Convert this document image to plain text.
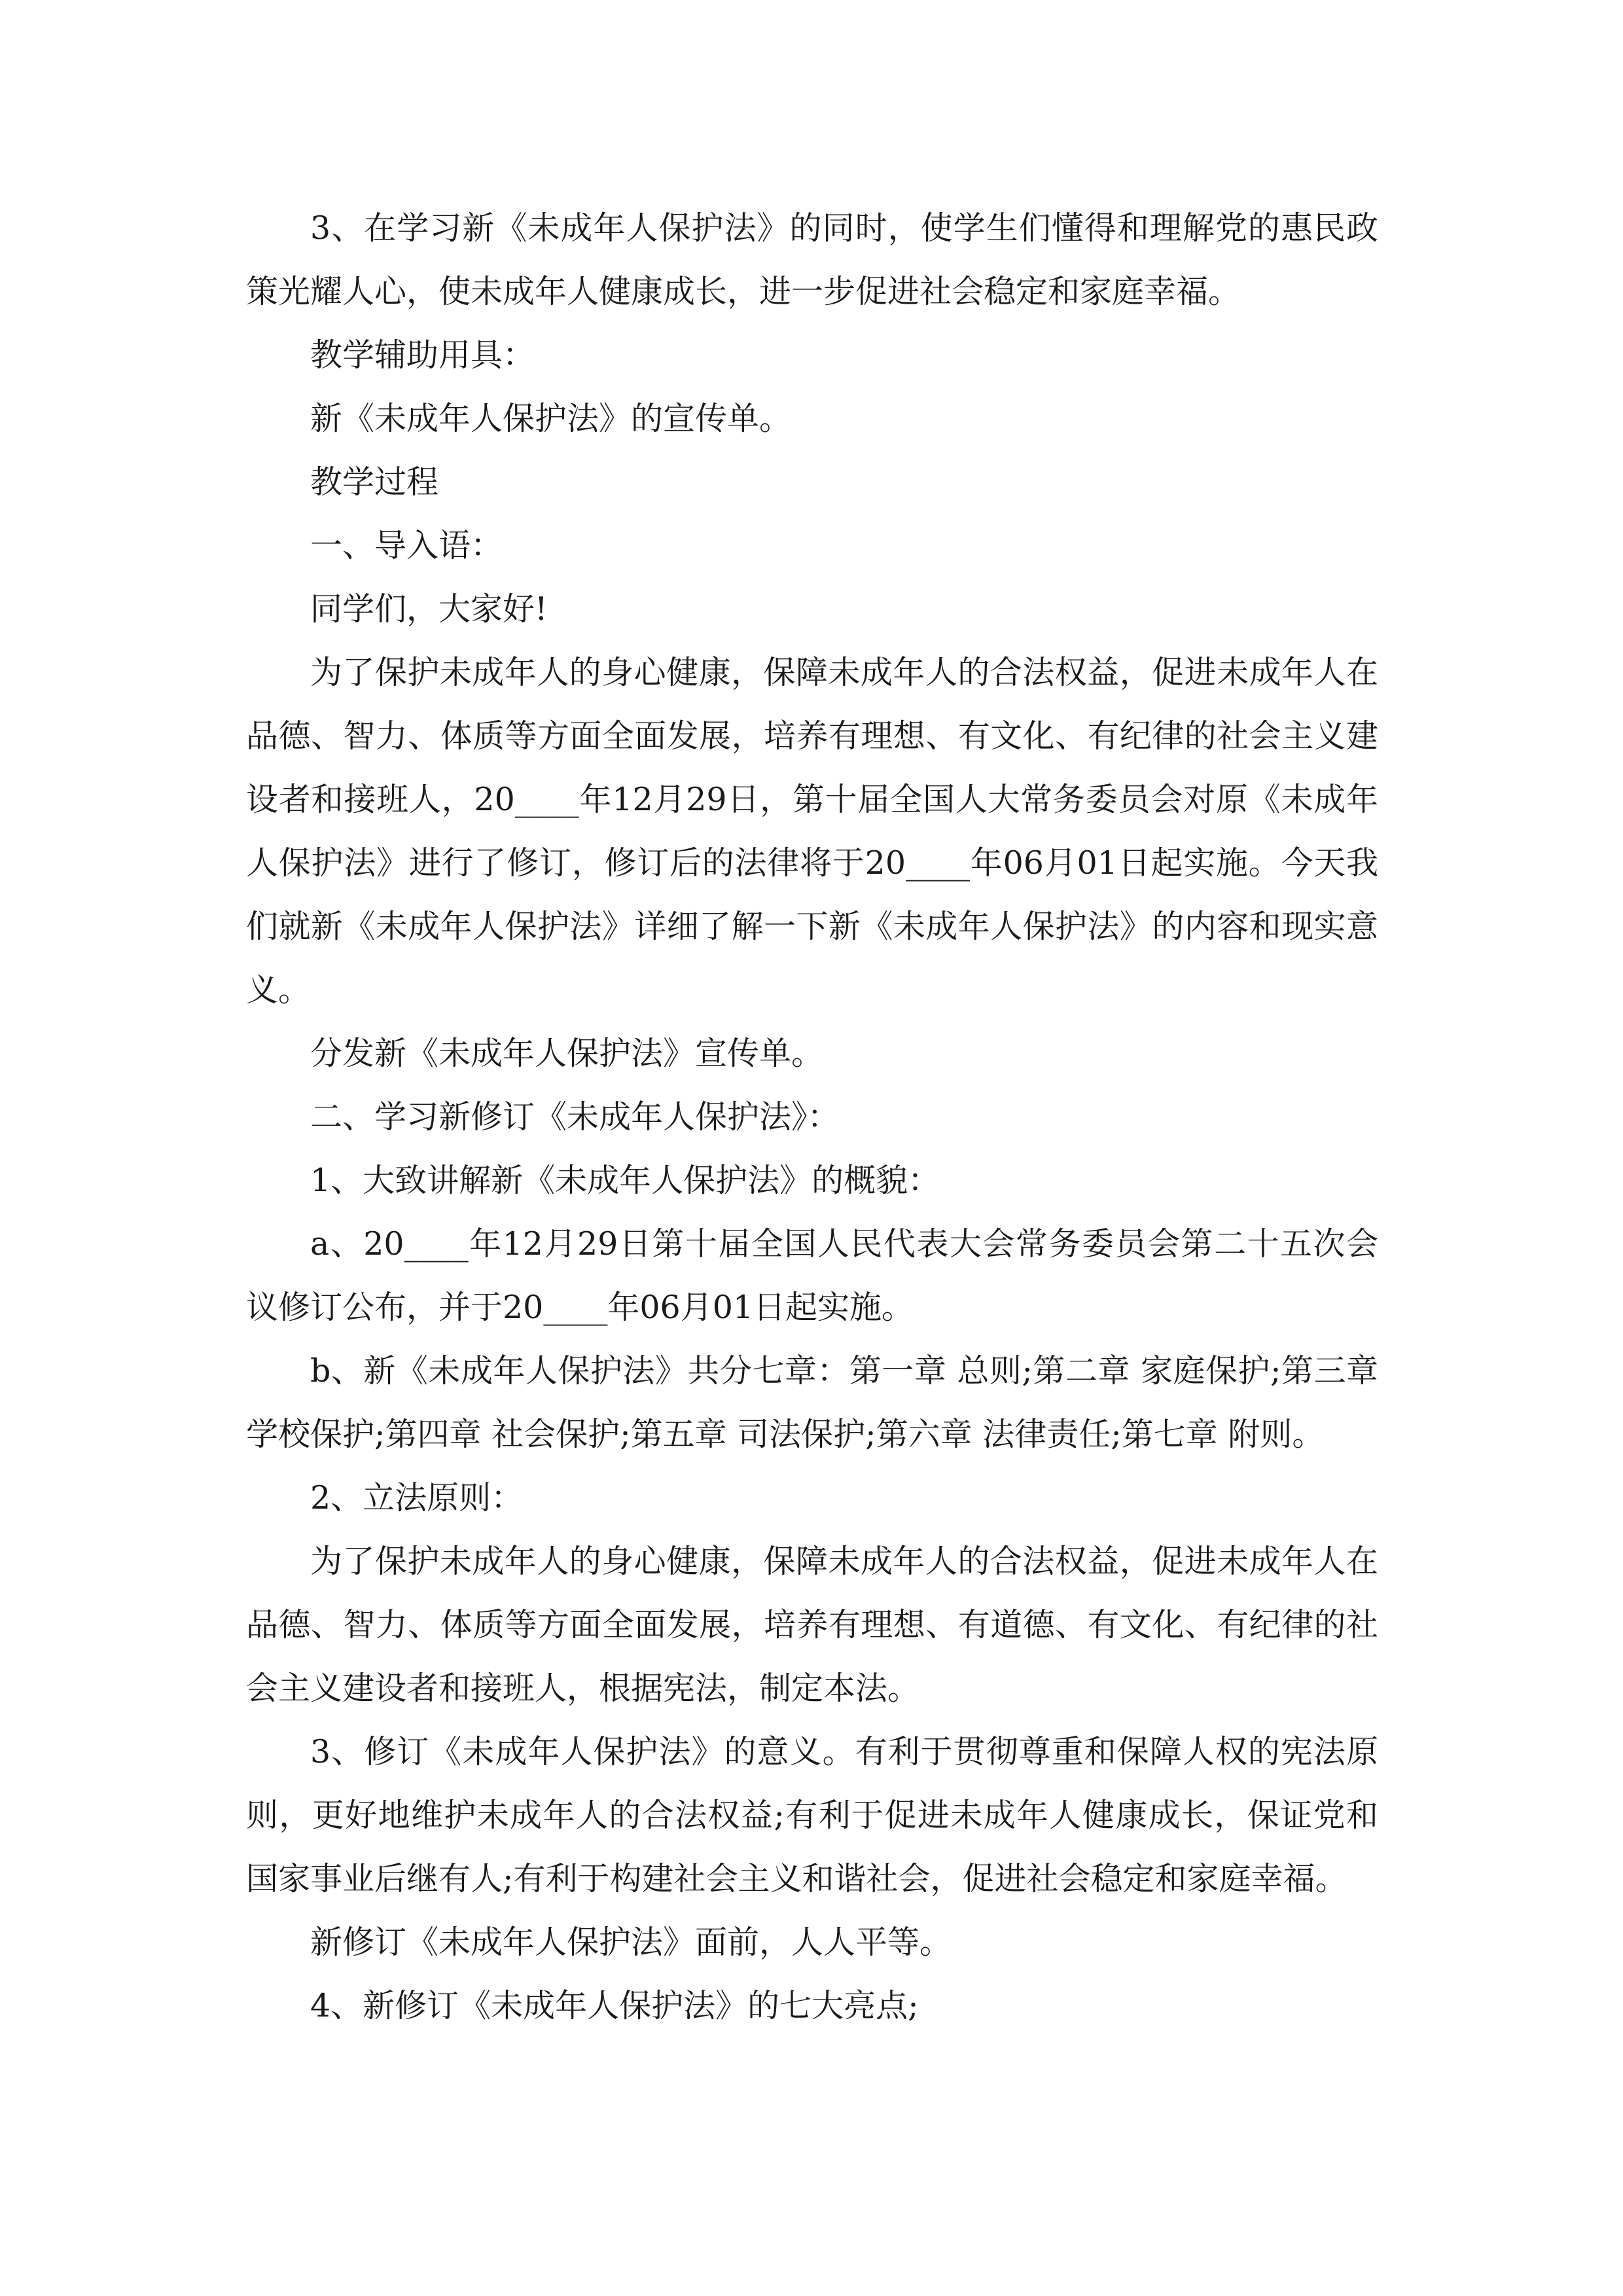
3、在学习新《未成年人保护法》的同时，使学生们懂得和理解党的惠民政策光耀人心，使未成年人健康成长，进一步促进社会稳定和家庭幸福。

教学辅助用具：

新《未成年人保护法》的宣传单。

教学过程

一、导入语：

同学们，大家好!

为了保护未成年人的身心健康，保障未成年人的合法权益，促进未成年人在品德、智力、体质等方面全面发展，培养有理想、有文化、有纪律的社会主义建设者和接班人，20____年12月29日，第十届全国人大常务委员会对原《未成年人保护法》进行了修订，修订后的法律将于20____年06月01日起实施。今天我们就新《未成年人保护法》详细了解一下新《未成年人保护法》的内容和现实意义。

分发新《未成年人保护法》宣传单。

二、学习新修订《未成年人保护法》：

1、大致讲解新《未成年人保护法》的概貌：

a、20____年12月29日第十届全国人民代表大会常务委员会第二十五次会议修订公布，并于20____年06月01日起实施。

b、新《未成年人保护法》共分七章：第一章 总则;第二章 家庭保护;第三章 学校保护;第四章 社会保护;第五章 司法保护;第六章 法律责任;第七章 附则。

2、立法原则：

为了保护未成年人的身心健康，保障未成年人的合法权益，促进未成年人在品德、智力、体质等方面全面发展，培养有理想、有道德、有文化、有纪律的社会主义建设者和接班人，根据宪法，制定本法。

3、修订《未成年人保护法》的意义。有利于贯彻尊重和保障人权的宪法原则，更好地维护未成年人的合法权益;有利于促进未成年人健康成长，保证党和国家事业后继有人;有利于构建社会主义和谐社会，促进社会稳定和家庭幸福。

新修订《未成年人保护法》面前，人人平等。

4、新修订《未成年人保护法》的七大亮点;
